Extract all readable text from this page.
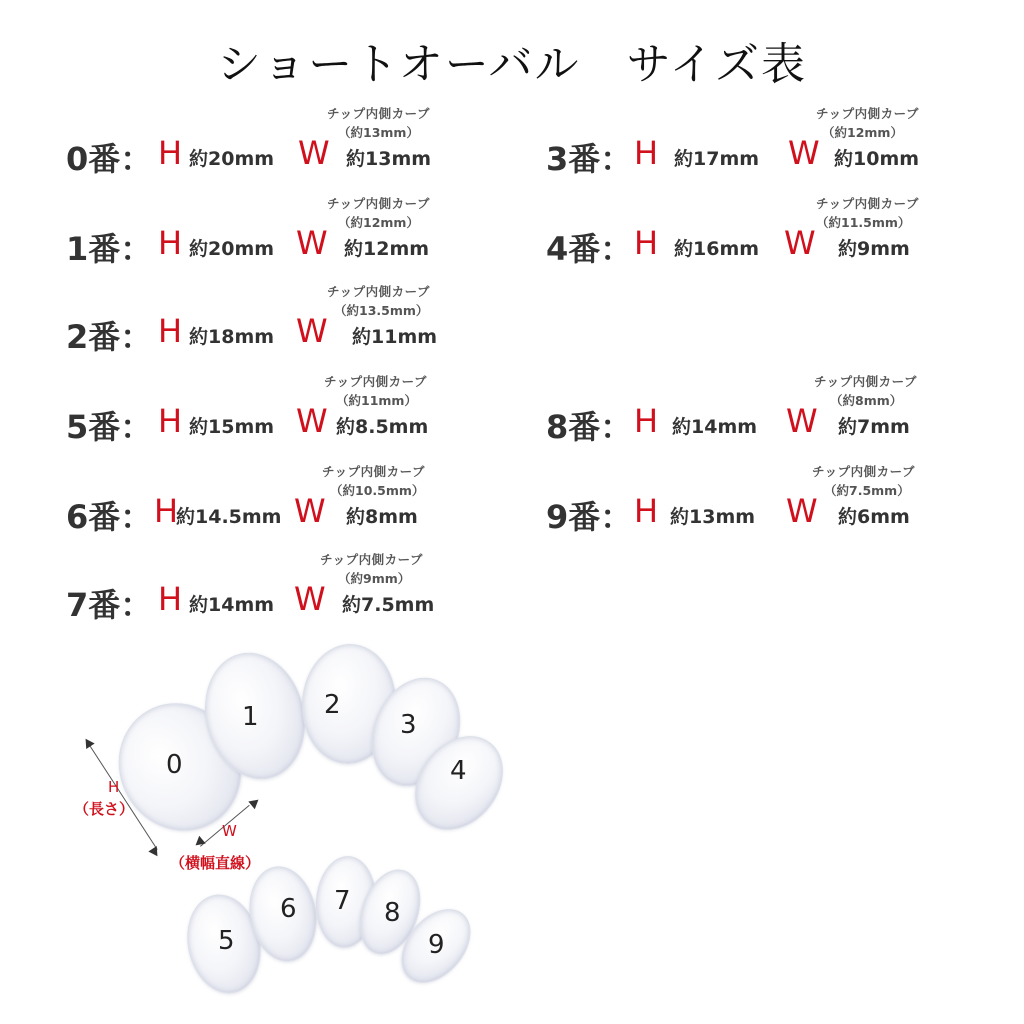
ショートオーバル　サイズ表
チップ内側カーブ
（約13mm）
0番： H 約20mm W 約13mm
チップ内側カーブ
（約12mm）
1番： H 約20mm W 約12mm
チップ内側カーブ
（約13.5mm）
2番： H 約18mm W 約11mm
チップ内側カーブ
（約12mm）
3番： H 約17mm W 約10mm
チップ内側カーブ
（約11.5mm）
4番： H 約16mm W 約9mm
チップ内側カーブ
（約11mm）
5番： H 約15mm W 約8.5mm
チップ内側カーブ
（約10.5mm）
6番： H
約14.5mm W 約8mm
チップ内側カーブ
（約9mm）
7番： H 約14mm W 約7.5mm
チップ内側カーブ
（約8mm）
8番： H 約14mm W 約7mm
チップ内側カーブ
（約7.5mm）
9番： H 約13mm W 約6mm
0
1	2
3
4
5
6 7 8
9
H
（長さ）
W
（横幅直線）
